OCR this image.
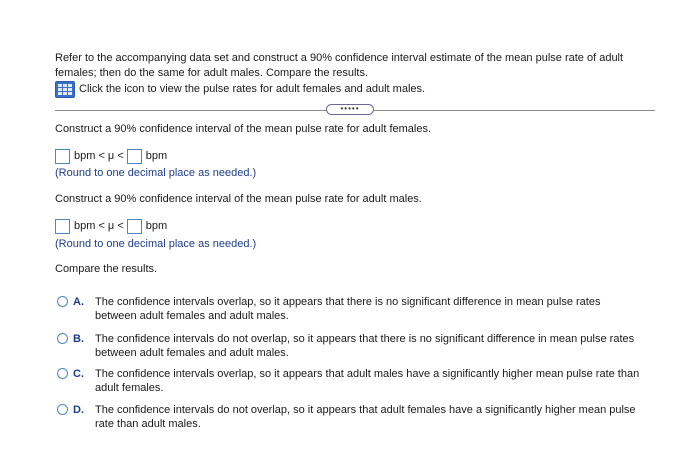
Refer to the accompanying data set and construct a 90% confidence interval estimate of the mean pulse rate of adult females; then do the same for adult males. Compare the results.
Click the icon to view the pulse rates for adult females and adult males.
•••••
Construct a 90% confidence interval of the mean pulse rate for adult females.
bpm < μ < bpm
(Round to one decimal place as needed.)
Construct a 90% confidence interval of the mean pulse rate for adult males.
bpm < μ < bpm
(Round to one decimal place as needed.)
Compare the results.
A.	The confidence intervals overlap, so it appears that there is no significant difference in mean pulse rates between adult females and adult males.
B.	The confidence intervals do not overlap, so it appears that there is no significant difference in mean pulse rates between adult females and adult males.
C.	The confidence intervals overlap, so it appears that adult males have a significantly higher mean pulse rate than adult females.
D.	The confidence intervals do not overlap, so it appears that adult females have a significantly higher mean pulse rate than adult males.
